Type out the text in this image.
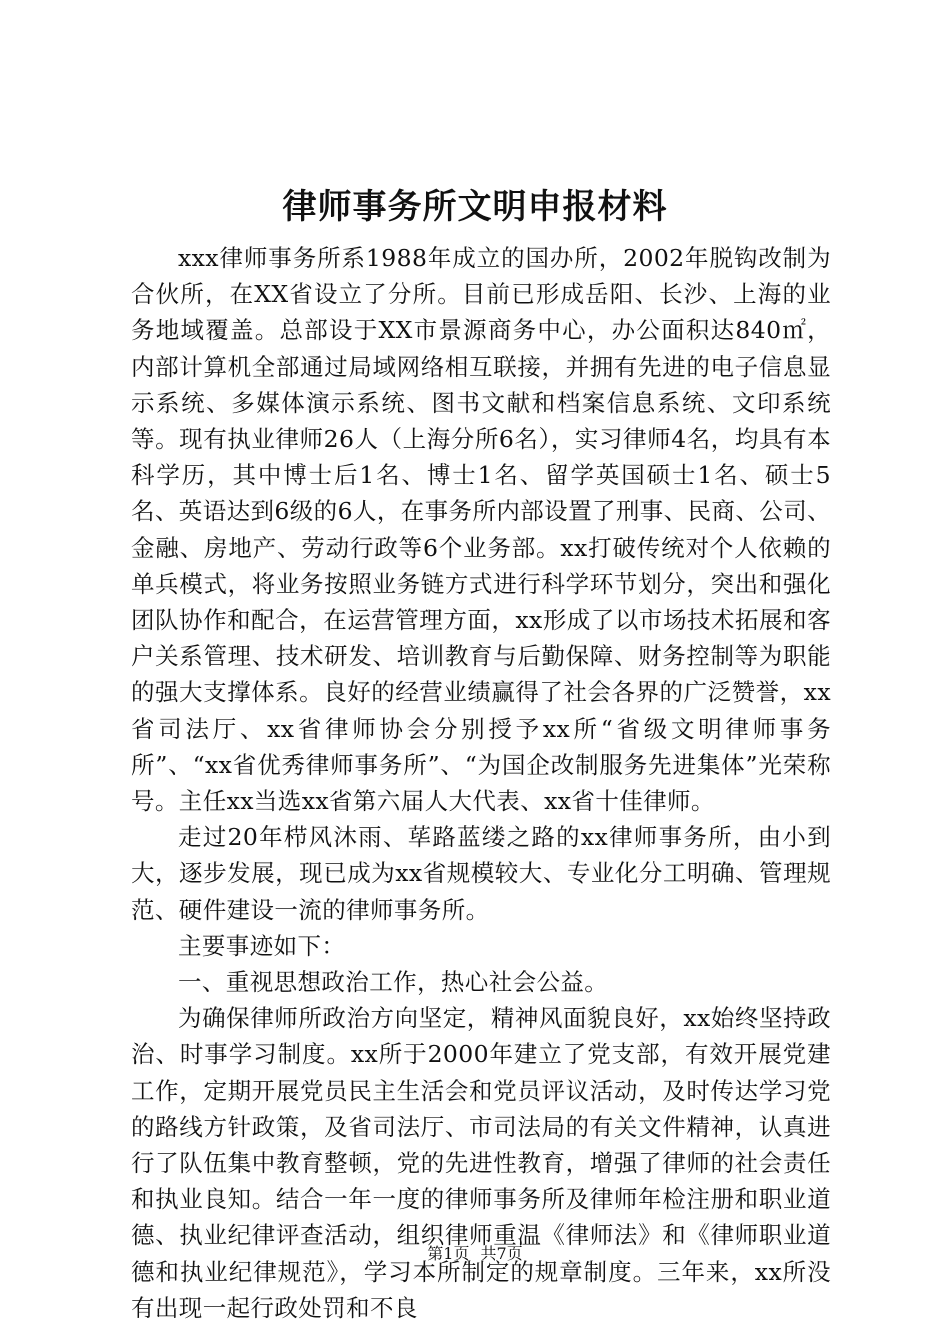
律师事务所文明申报材料

xxx律师事务所系1988年成立的国办所，2002年脱钩改制为合伙所，在XX省设立了分所。目前已形成岳阳、长沙、上海的业务地域覆盖。总部设于XX市景源商务中心，办公面积达840㎡，内部计算机全部通过局域网络相互联接，并拥有先进的电子信息显示系统、多媒体演示系统、图书文献和档案信息系统、文印系统等。现有执业律师26人（上海分所6名），实习律师4名，均具有本科学历，其中博士后1名、博士1名、留学英国硕士1名、硕士5名、英语达到6级的6人，在事务所内部设置了刑事、民商、公司、金融、房地产、劳动行政等6个业务部。xx打破传统对个人依赖的单兵模式，将业务按照业务链方式进行科学环节划分，突出和强化团队协作和配合，在运营管理方面，xx形成了以市场技术拓展和客户关系管理、技术研发、培训教育与后勤保障、财务控制等为职能的强大支撑体系。良好的经营业绩赢得了社会各界的广泛赞誉，xx省司法厅、xx省律师协会分别授予xx所“省级文明律师事务所”、“xx省优秀律师事务所”、“为国企改制服务先进集体”光荣称号。主任xx当选xx省第六届人大代表、xx省十佳律师。

走过20年栉风沐雨、荜路蓝缕之路的xx律师事务所，由小到大，逐步发展，现已成为xx省规模较大、专业化分工明确、管理规范、硬件建设一流的律师事务所。

主要事迹如下：

一、重视思想政治工作，热心社会公益。

为确保律师所政治方向坚定，精神风面貌良好，xx始终坚持政治、时事学习制度。xx所于2000年建立了党支部，有效开展党建工作，定期开展党员民主生活会和党员评议活动，及时传达学习党的路线方针政策，及省司法厅、市司法局的有关文件精神，认真进行了队伍集中教育整顿，党的先进性教育，增强了律师的社会责任和执业良知。结合一年一度的律师事务所及律师年检注册和职业道德、执业纪律评查活动，组织律师重温《律师法》和《律师职业道德和执业纪律规范》，学习本所制定的规章制度。三年来，xx所没有出现一起行政处罚和不良

第1页 共7页
